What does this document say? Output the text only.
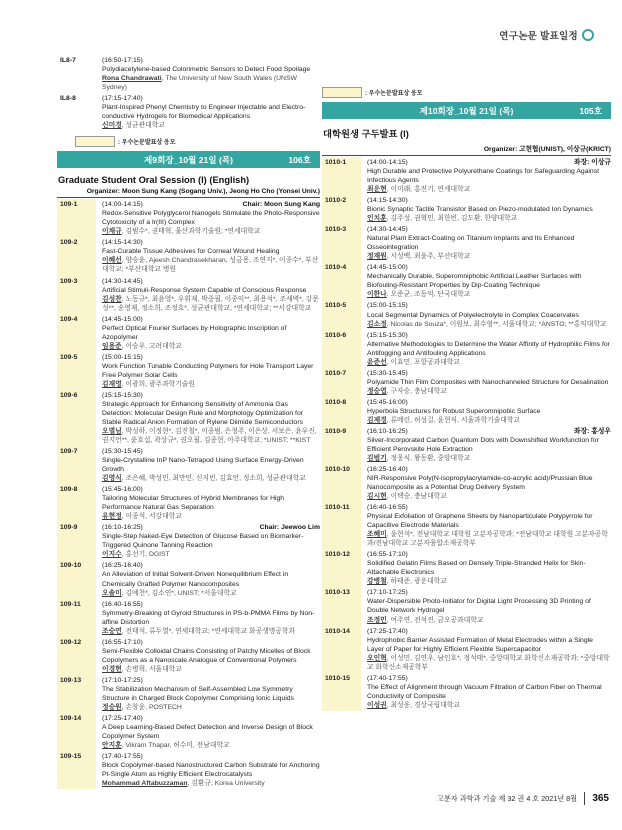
연구논문 발표일정
IL8-7	(16:50-17:15)
Polydiacetylene-based Colorimetric Sensors to Detect Food Spoilage
Rona Chandrawati, The University of New South Wales (UNSW Sydney)
IL8-8	(17:15-17:40)
Plant-Inspired Phenyl Chemistry to Engineer Injectable and Electro-conductive Hydrogels for Biomedical Applications
신미경, 성균관대학교
: 우수논문발표상 응모
제9회장_10월 21일 (목)	106호
Graduate Student Oral Session (I) (English)
Organizer: Moon Sung Kang (Sogang Univ.), Jeong Ho Cho (Yonsei Univ.)
109-1	(14:00-14:15)	Chair: Moon Sung Kang
Redox-Sensitive Polyglycerol Nanogels Stimulate the Photo-Responsive Cytotoxicity of a Ir(III) Complex
이채규, 김범수*, 권태혁, 울산과학기술원; *연세대학교
109-2	(14:15-14:30)
Fast-Curable Tissue Adhesives for Corneal Wound Healing
이혜선, 양승윤, Ajeesh Chandrasekharan, 성금용, 조연지*, 이종수*, 부산대학교; *부산대학교 병원
109-3	(14:30-14:45)
Artificial Stimuli-Response System Capable of Conscious Response
김성찬, 노동규*, 최윤영*, 우휘재, 박중필, 이종익**, 최용석*, 조새벽*, 강문성**, 송영재, 정소희, 조정호*, 성균관대학교; *연세대학교; **서강대학교
109-4	(14:45-15:00)
Perfect Optical Fourier Surfaces by Holographic Inscription of Azopolymer
임용준, 이승우, 고려대학교
109-5	(15:00-15:15)
Work Function Tunable Conducting Polymers for Hole Transport Layer Free Polymer Solar Cells
김재영, 이광희, 광주과학기술원
109-6	(15:15-15:30)
Strategic Approach for Enhancing Sensitivity of Ammonia Gas Detection: Molecular Design Rule and Morphology Optimization for Stable Radical Anion Formation of Rylene Diimide Semiconductors
오별님, 박성하, 이정현*, 김진철*, 이종범, 은청주, 이은상, 서보은, 윤우진, 권지언**, 윤호섭, 곽상규*, 권오필, 김종현, 아주대학교; *UNIST; **KIST
109-7	(15:30-15:45)
Single-Crystalline InP Nano-Tetrapod Using Surface Energy-Driven Growth
김영식, 조은혜, 박성민, 최만민, 신지빈, 김효언, 정소희, 성균관대학교
109-8	(15:45-16:00)
Tailoring Molecular Structures of Hybrid Membranes for High Performance Natural Gas Separation
유현정, 이종석, 서강대학교
109-9	(16:10-16:25)	Chair: Jeewoo Lim
Single-Step Naked-Eye Detection of Glucose Based on Biomarker-Triggered Quinone Tanning Reaction
이지수, 홍선기, DGIST
109-10	(16:25-16:40)
An Alleviation of Initial Solvent-Driven Nonequilibrium Effect in Chemically Grafted Polymer Nanocomposites
오솔미, 김예천*, 김소연*, UNIST; *서울대학교
109-11	(16:40-16:55)
Symmetry-Breaking of Gyroid Structures in PS-b-PMMA Films by Non-affine Distortion
조승연, 전태석, 류두열*, 연세대학교; *연세대학교 화공생명공학과
109-12	(16:55-17:10)
Semi-Flexible Colloidal Chains Consisting of Patchy Micelles of Block Copolymers as a Nanoscale Analogue of Conventional Polymers
이경현, 손병혁, 서울대학교
109-13	(17:10-17:25)
The Stabilization Mechanism of Self-Assembled Low Symmetry Structure in Charged Block Copolymer Comprising Ionic Liquids
정승원, 손창윤, POSTECH
109-14	(17:25-17:40)
A Deep Learning-Based Defect Detection and Inverse Design of Block Copolymer System
안지훈, Vikram Thapar, 허수미, 전남대학교
109-15	(17:40-17:55)
Block Copolymer-based Nanostructured Carbon Substrate for Anchoring Pt-Single Atom as Highly Efficient Electrocatalysts
Mohammad Aftabuzzaman, 김환규, Korea University
: 우수논문발표상 응모
제10회장_10월 21일 (목)	105호
대학원생 구두발표 (I)
Organizer: 고현협(UNIST), 이상규(KRICT)
1010-1	(14:00-14:15)	좌장: 이상규
High Durable and Protective Polyurethane Coatings for Safeguarding Against Infectious Agents
최운현, 이미래, 홍진기, 연세대학교
1010-2	(14:15-14:30)
Bionic Synaptic Tactile Transistor Based on Piezo-modulated Ion Dynamics
인치훈, 김주성, 권혁민, 최한빈, 김도환, 한양대학교
1010-3	(14:30-14:45)
Natural Plant Extract-Coating on Titanium Implants and Its Enhanced Osseointegration
정재원, 서성백, 최윤주, 부산대학교
1010-4	(14:45-15:00)
Mechanically Durable, Superomniphobic Artificial Leather Surfaces with Biofouling-Resistant Properties by Dip-Coating Technique
이한나, 오준균, 조동익, 단국대학교
1010-5	(15:00-15:15)
Local Segmental Dynamics of Polyelectrolyte in Complex Coacervates
김소정, Nicolas de Souza*, 이원보, 최수형**, 서울대학교; *ANSTO; **홍익대학교
1010-6	(15:15-15:30)
Alternative Methodologies to Determine the Water Affinity of Hydrophilic Films for Antifogging and Antifouling Applications
윤준선, 이효민, 포항공과대학교
1010-7	(15:30-15:45)
Polyamide Thin Film Composites with Nanochanneled Structure for Desalination
정승엽, 구자승, 충남대학교
1010-8	(15:45-16:00)
Hyperbola Structures for Robust Superomnipobic Surface
김제경, 류메린, 허성길, 윤현식, 서울과학기술대학교
1010-9	(16:10-16:25)	좌장: 홍성우
Silver-Incorporated Carbon Quantum Dots with Downshifted Workfunction for Efficient Perovskite Hole Extraction
김범기, 정웅식, 왕동환, 중앙대학교
1010-10	(16:25-16:40)
NIR-Responsive Poly(N-isopropylacrylamide-co-acrylic acid)/Prussian Blue Nanocomposite as a Potential Drug Delivery System
김시현, 이택승, 충남대학교
1010-11	(16:40-16:55)
Physical Exfoliation of Graphene Sheets by Nanoparticulate Polypyrrole for Capacitive Electrode Materials
조혜미, 윤현석*, 전남대학교 대학원 고분자공학과; *전남대학교 대학원 고분자공학과/전남대학교 고분자융합소재공학부
1010-12	(16:55-17:10)
Solidified Gelatin Films Based on Densely Triple-Stranded Helix for Skin-Attachable Electronics
강병철, 하태준, 광운대학교
1010-13	(17:10-17:25)
Water-Dispersible Photo-Initiator for Digital Light Processing 3D Printing of Double Network Hydrogel
조정민, 여주연, 전석진, 금오공과대학교
1010-14	(17:25-17:40)
Hydrophobic Barrier Assisted Formation of Metal Electrodes within a Single Layer of Paper for Highly Efficient Flexible Supercapacitor
오인혁, 이성민, 김연우, 남인호*, 정석태*, 중앙대학교 화학신소재공학과; *중앙대학교 화학신소재공학부
1010-15	(17:40-17:55)
The Effect of Alignment through Vacuum Filtration of Carbon Fiber on Thermal Conductivity of Composite
이성권, 최성웅, 경상국립대학교
고분자 과학과 기술 제 32 권 4 호 2021년 8월 365
